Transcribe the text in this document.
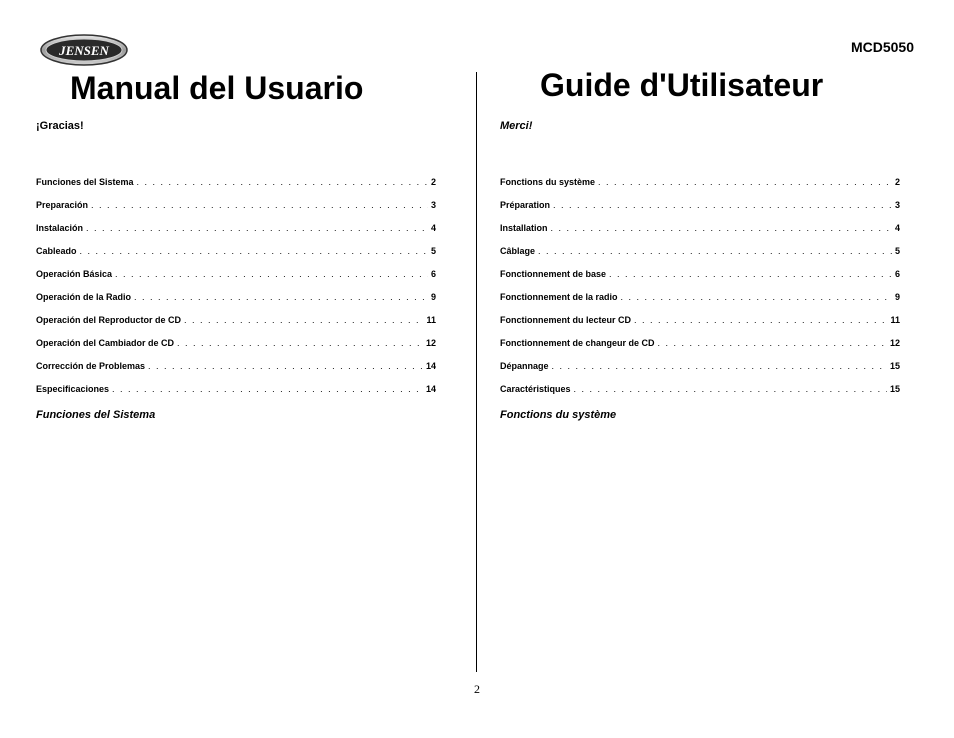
JENSEN	MCD5050
Manual del Usuario
¡Gracias!
Funciones del Sistema . . .	2
Preparación . . .	3
Instalación . . .	4
Cableado . . .	5
Operación Básica . . .	6
Operación de la Radio . . .	9
Operación del Reproductor de CD . . .	11
Operación del Cambiador de CD . . .	12
Corrección de Problemas . . .	14
Especificaciones . . .	14
Funciones del Sistema
Guide d'Utilisateur
Merci!
Fonctions du système . . .	2
Préparation . . .	3
Installation . . .	4
Câblage . . .	5
Fonctionnement de base . . .	6
Fonctionnement de la radio . . .	9
Fonctionnement du lecteur CD . . .	11
Fonctionnement de changeur de CD . . .	12
Dépannage . . .	15
Caractéristiques . . .	15
Fonctions du système
2
